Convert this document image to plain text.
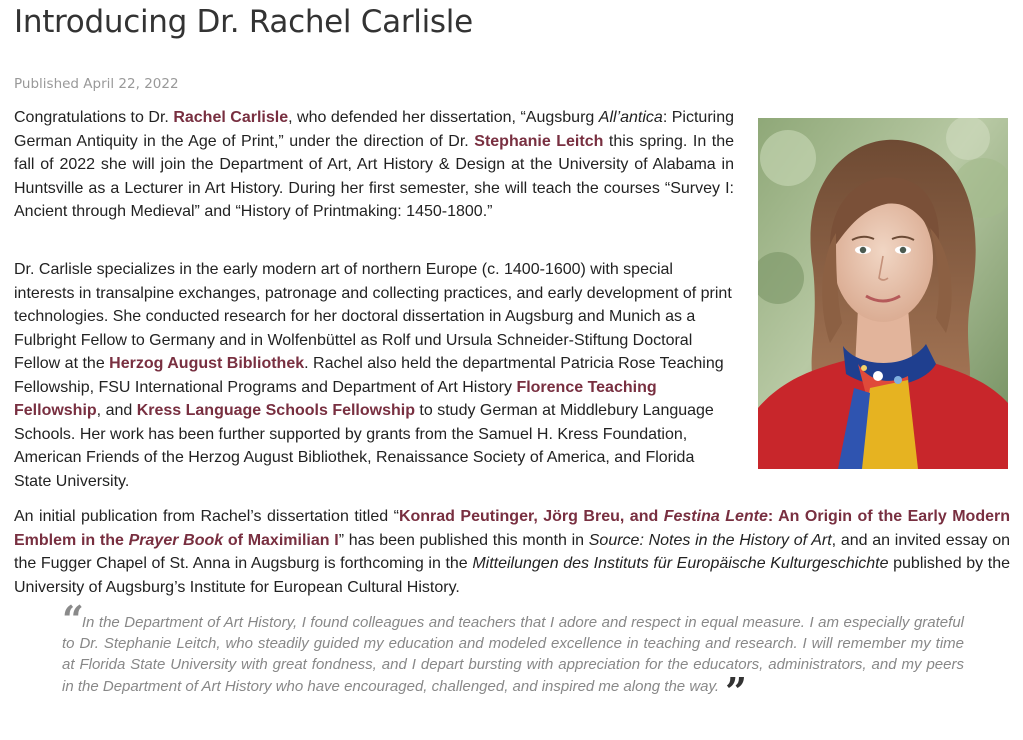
Introducing Dr. Rachel Carlisle
Published April 22, 2022

Congratulations to Dr. Rachel Carlisle, who defended her dissertation, “Augsburg All’antica: Picturing German Antiquity in the Age of Print,” under the direction of Dr. Stephanie Leitch this spring. In the fall of 2022 she will join the Department of Art, Art History & Design at the University of Alabama in Huntsville as a Lecturer in Art History. During her first semester, she will teach the courses “Survey I: Ancient through Medieval” and “History of Printmaking: 1450-1800.”

Dr. Carlisle specializes in the early modern art of northern Europe (c. 1400-1600) with special interests in transalpine exchanges, patronage and collecting practices, and early development of print technologies. She conducted research for her doctoral dissertation in Augsburg and Munich as a Fulbright Fellow to Germany and in Wolfenbüttel as Rolf und Ursula Schneider-Stiftung Doctoral Fellow at the Herzog August Bibliothek. Rachel also held the departmental Patricia Rose Teaching Fellowship, FSU International Programs and Department of Art History Florence Teaching Fellowship, and Kress Language Schools Fellowship to study German at Middlebury Language Schools. Her work has been further supported by grants from the Samuel H. Kress Foundation, American Friends of the Herzog August Bibliothek, Renaissance Society of America, and Florida State University.

An initial publication from Rachel’s dissertation titled “Konrad Peutinger, Jörg Breu, and Festina Lente: An Origin of the Early Modern Emblem in the Prayer Book of Maximilian I” has been published this month in Source: Notes in the History of Art, and an invited essay on the Fugger Chapel of St. Anna in Augsburg is forthcoming in the Mitteilungen des Instituts für Europäische Kulturgeschichte published by the University of Augsburg’s Institute for European Cultural History.

“ In the Department of Art History, I found colleagues and teachers that I adore and respect in equal measure. I am especially grateful to Dr. Stephanie Leitch, who steadily guided my education and modeled excellence in teaching and research. I will remember my time at Florida State University with great fondness, and I depart bursting with appreciation for the educators, administrators, and my peers in the Department of Art History who have encouraged, challenged, and inspired me along the way. ”
